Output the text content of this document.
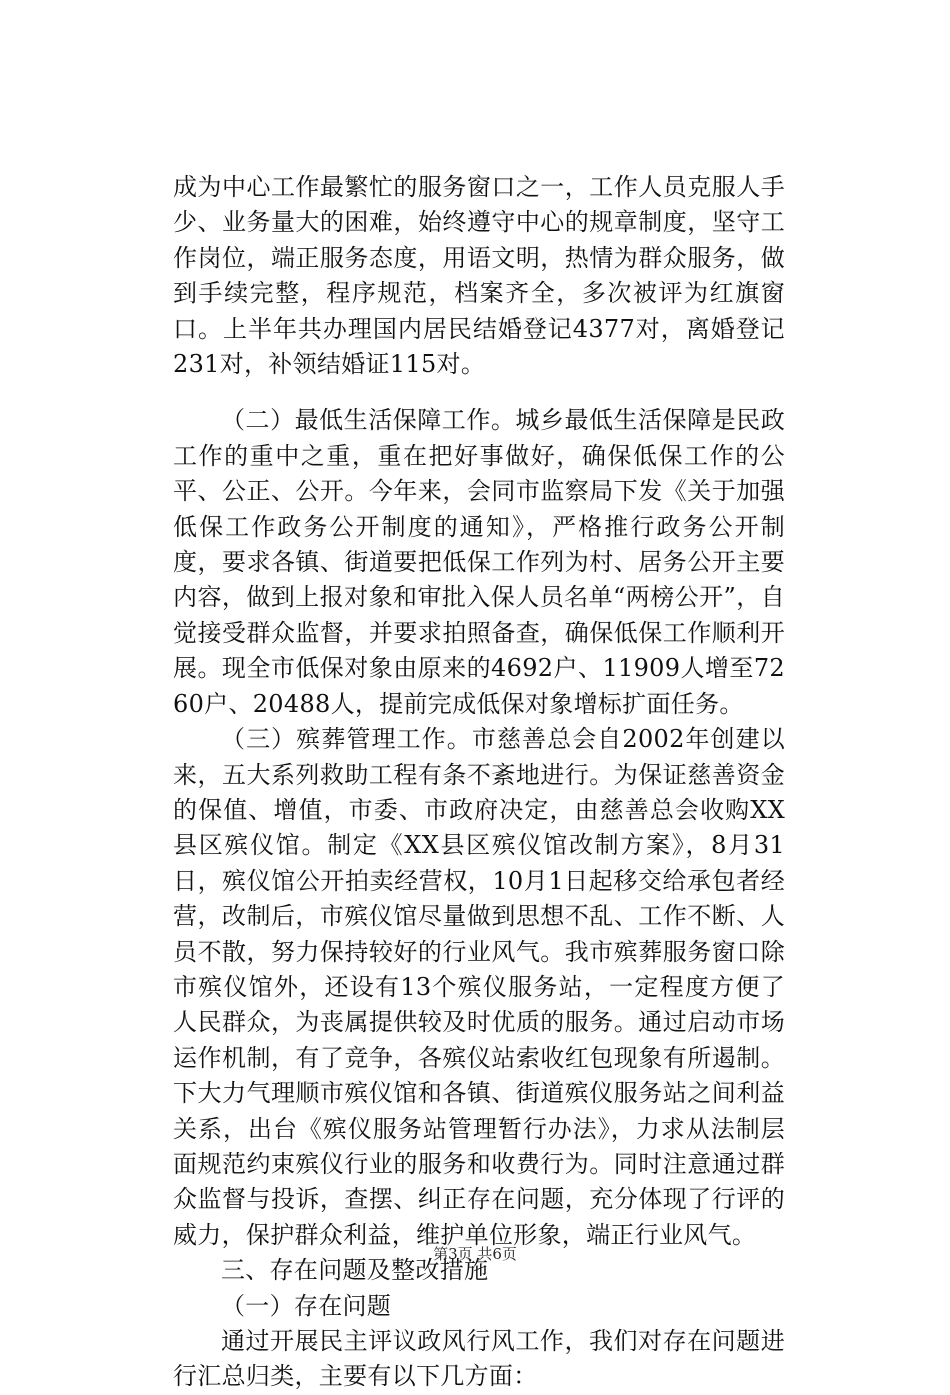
成为中心工作最繁忙的服务窗口之一，工作人员克服人手少、业务量大的困难，始终遵守中心的规章制度，坚守工作岗位，端正服务态度，用语文明，热情为群众服务，做到手续完整，程序规范，档案齐全，多次被评为红旗窗口。上半年共办理国内居民结婚登记4377对，离婚登记231对，补领结婚证115对。

（二）最低生活保障工作。城乡最低生活保障是民政工作的重中之重，重在把好事做好，确保低保工作的公平、公正、公开。今年来，会同市监察局下发《关于加强低保工作政务公开制度的通知》，严格推行政务公开制度，要求各镇、街道要把低保工作列为村、居务公开主要内容，做到上报对象和审批入保人员名单“两榜公开”，自觉接受群众监督，并要求拍照备查，确保低保工作顺利开展。现全市低保对象由原来的4692户、11909人增至7260户、20488人，提前完成低保对象增标扩面任务。

（三）殡葬管理工作。市慈善总会自2002年创建以来，五大系列救助工程有条不紊地进行。为保证慈善资金的保值、增值，市委、市政府决定，由慈善总会收购XX县区殡仪馆。制定《XX县区殡仪馆改制方案》，8月31日，殡仪馆公开拍卖经营权，10月1日起移交给承包者经营，改制后，市殡仪馆尽量做到思想不乱、工作不断、人员不散，努力保持较好的行业风气。我市殡葬服务窗口除市殡仪馆外，还设有13个殡仪服务站，一定程度方便了人民群众，为丧属提供较及时优质的服务。通过启动市场运作机制，有了竞争，各殡仪站索收红包现象有所遏制。下大力气理顺市殡仪馆和各镇、街道殡仪服务站之间利益关系，出台《殡仪服务站管理暂行办法》，力求从法制层面规范约束殡仪行业的服务和收费行为。同时注意通过群众监督与投诉，查摆、纠正存在问题，充分体现了行评的威力，保护群众利益，维护单位形象，端正行业风气。

三、存在问题及整改措施

（一）存在问题

通过开展民主评议政风行风工作，我们对存在问题进行汇总归类，主要有以下几方面：

第3页 共6页
